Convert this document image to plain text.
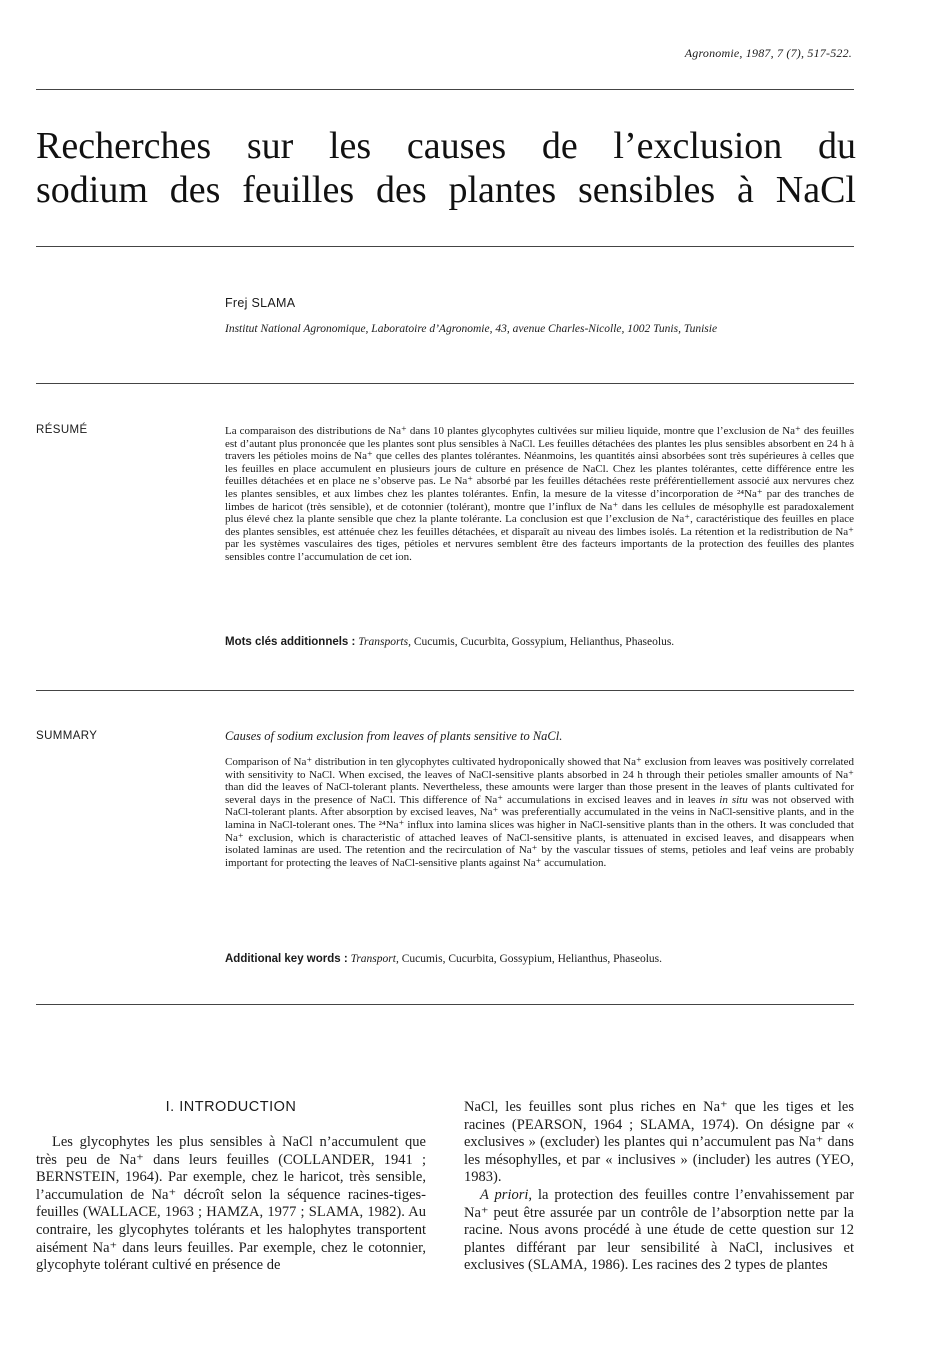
Agronomie, 1987, 7 (7), 517-522.
Recherches sur les causes de l’exclusion du
sodium des feuilles des plantes sensibles à NaCl
Frej SLAMA
Institut National Agronomique, Laboratoire d’Agronomie, 43, avenue Charles-Nicolle, 1002 Tunis, Tunisie
RÉSUMÉ	La comparaison des distributions de Na⁺ dans 10 plantes glycophytes cultivées sur milieu liquide, montre que l’exclusion de Na⁺ des feuilles est d’autant plus prononcée que les plantes sont plus sensibles à NaCl. Les feuilles détachées des plantes les plus sensibles absorbent en 24 h à travers les pétioles moins de Na⁺ que celles des plantes tolérantes. Néanmoins, les quantités ainsi absorbées sont très supérieures à celles que les feuilles en place accumulent en plusieurs jours de culture en présence de NaCl. Chez les plantes tolérantes, cette différence entre les feuilles détachées et en place ne s’observe pas. Le Na⁺ absorbé par les feuilles détachées reste préférentiellement associé aux nervures chez les plantes sensibles, et aux limbes chez les plantes tolérantes. Enfin, la mesure de la vitesse d’incorporation de ²⁴Na⁺ par des tranches de limbes de haricot (très sensible), et de cotonnier (tolérant), montre que l’influx de Na⁺ dans les cellules de mésophylle est paradoxalement plus élevé chez la plante sensible que chez la plante tolérante. La conclusion est que l’exclusion de Na⁺, caractéristique des feuilles en place des plantes sensibles, est atténuée chez les feuilles détachées, et disparaît au niveau des limbes isolés. La rétention et la redistribution de Na⁺ par les systèmes vasculaires des tiges, pétioles et nervures semblent être des facteurs importants de la protection des feuilles des plantes sensibles contre l’accumulation de cet ion.

Mots clés additionnels : Transports, Cucumis, Cucurbita, Gossypium, Helianthus, Phaseolus.
SUMMARY	Causes of sodium exclusion from leaves of plants sensitive to NaCl.

Comparison of Na⁺ distribution in ten glycophytes cultivated hydroponically showed that Na⁺ exclusion from leaves was positively correlated with sensitivity to NaCl. When excised, the leaves of NaCl-sensitive plants absorbed in 24 h through their petioles smaller amounts of Na⁺ than did the leaves of NaCl-tolerant plants. Nevertheless, these amounts were larger than those present in the leaves of plants cultivated for several days in the presence of NaCl. This difference of Na⁺ accumulations in excised leaves and in leaves in situ was not observed with NaCl-tolerant plants. After absorption by excised leaves, Na⁺ was preferentially accumulated in the veins in NaCl-sensitive plants, and in the lamina in NaCl-tolerant ones. The ²⁴Na⁺ influx into lamina slices was higher in NaCl-sensitive plants than in the others. It was concluded that Na⁺ exclusion, which is characteristic of attached leaves of NaCl-sensitive plants, is attenuated in excised leaves, and disappears when isolated laminas are used. The retention and the recirculation of Na⁺ by the vascular tissues of stems, petioles and leaf veins are probably important for protecting the leaves of NaCl-sensitive plants against Na⁺ accumulation.

Additional key words : Transport, Cucumis, Cucurbita, Gossypium, Helianthus, Phaseolus.
I. INTRODUCTION

Les glycophytes les plus sensibles à NaCl n’accumulent que très peu de Na⁺ dans leurs feuilles (COLLANDER, 1941 ; BERNSTEIN, 1964). Par exemple, chez le haricot, très sensible, l’accumulation de Na⁺ décroît selon la séquence racines-tiges-feuilles (WALLACE, 1963 ; HAMZA, 1977 ; SLAMA, 1982). Au contraire, les glycophytes tolérants et les halophytes transportent aisément Na⁺ dans leurs feuilles. Par exemple, chez le cotonnier, glycophyte tolérant cultivé en présence de

NaCl, les feuilles sont plus riches en Na⁺ que les tiges et les racines (PEARSON, 1964 ; SLAMA, 1974). On désigne par « exclusives » (excluder) les plantes qui n’accumulent pas Na⁺ dans les mésophylles, et par « inclusives » (includer) les autres (YEO, 1983).

A priori, la protection des feuilles contre l’envahissement par Na⁺ peut être assurée par un contrôle de l’absorption nette par la racine. Nous avons procédé à une étude de cette question sur 12 plantes différant par leur sensibilité à NaCl, inclusives et exclusives (SLAMA, 1986). Les racines des 2 types de plantes
